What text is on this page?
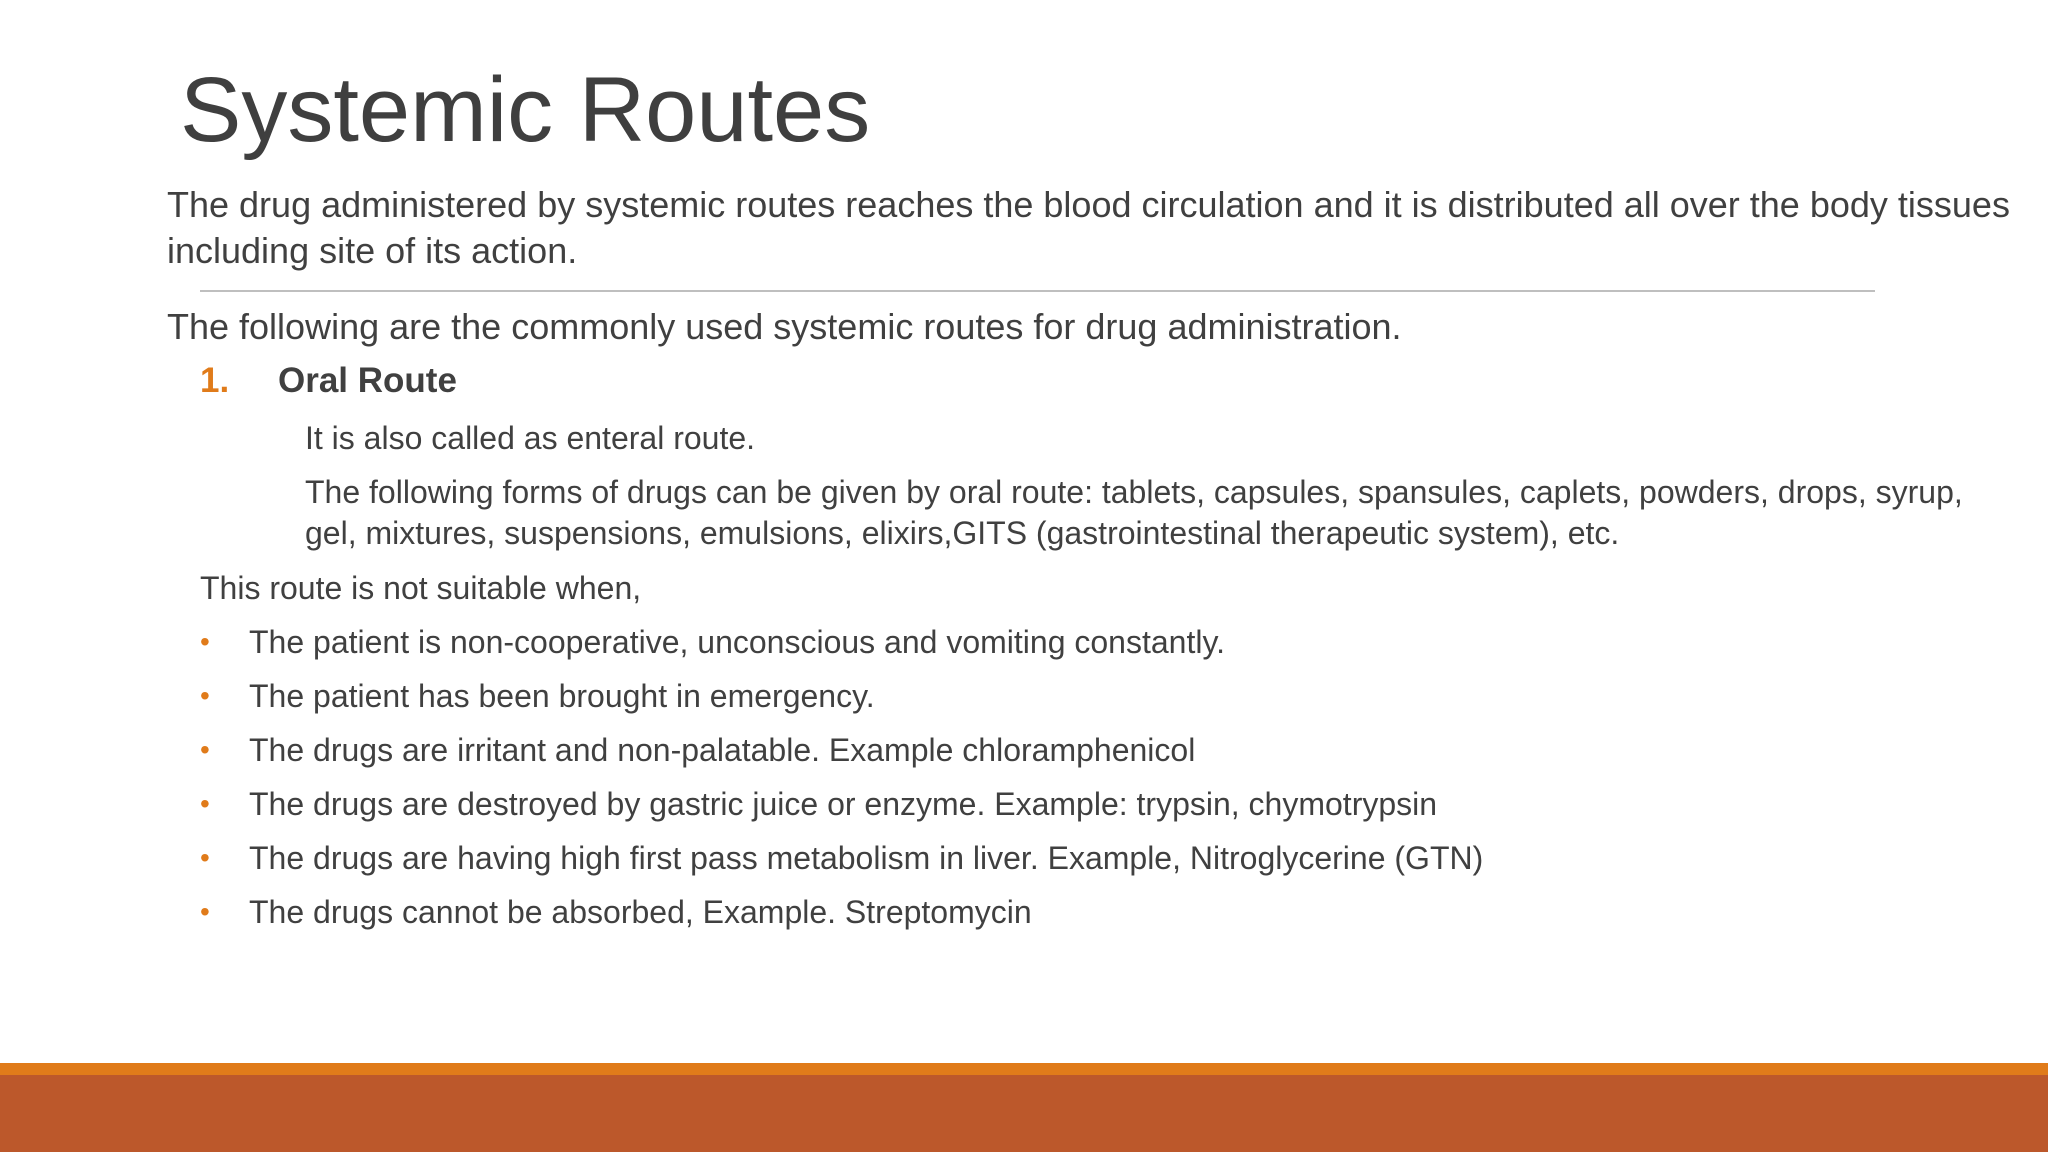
Systemic Routes

The drug administered by systemic routes reaches the blood circulation and it is distributed all over the body tissues including site of its action.

The following are the commonly used systemic routes for drug administration.

1. Oral Route

It is also called as enteral route.

The following forms of drugs can be given by oral route: tablets, capsules, spansules, caplets, powders, drops, syrup, gel, mixtures, suspensions, emulsions, elixirs,GITS (gastrointestinal therapeutic system), etc.

This route is not suitable when,

• The patient is non-cooperative, unconscious and vomiting constantly.
• The patient has been brought in emergency.
• The drugs are irritant and non-palatable. Example chloramphenicol
• The drugs are destroyed by gastric juice or enzyme. Example: trypsin, chymotrypsin
• The drugs are having high first pass metabolism in liver. Example, Nitroglycerine (GTN)
• The drugs cannot be absorbed, Example. Streptomycin
